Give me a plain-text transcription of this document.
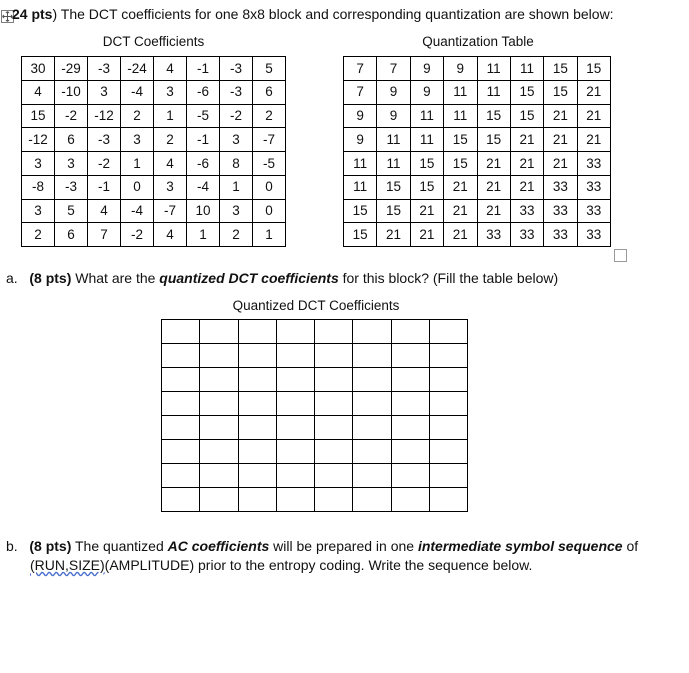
24 pts) The DCT coefficients for one 8x8 block and corresponding quantization are shown below:
DCT Coefficients	Quantization Table
30	-29	-3	-24	4	-1	-3	5
4	-10	3	-4	3	-6	-3	6
15	-2	-12	2	1	-5	-2	2
-12	6	-3	3	2	-1	3	-7
3	3	-2	1	4	-6	8	-5
-8	-3	-1	0	3	-4	1	0
3	5	4	-4	-7	10	3	0
2	6	7	-2	4	1	2	1
7	7	9	9	11	11	15	15
7	9	9	11	11	15	15	21
9	9	11	11	15	15	21	21
9	11	11	15	15	21	21	21
11	11	15	15	21	21	21	33
11	15	15	21	21	21	33	33
15	15	21	21	21	33	33	33
15	21	21	21	33	33	33	33
a. (8 pts) What are the quantized DCT coefficients for this block? (Fill the table below)
Quantized DCT Coefficients

b. (8 pts) The quantized AC coefficients will be prepared in one intermediate symbol sequence of
(RUN,SIZE)(AMPLITUDE) prior to the entropy coding. Write the sequence below.
